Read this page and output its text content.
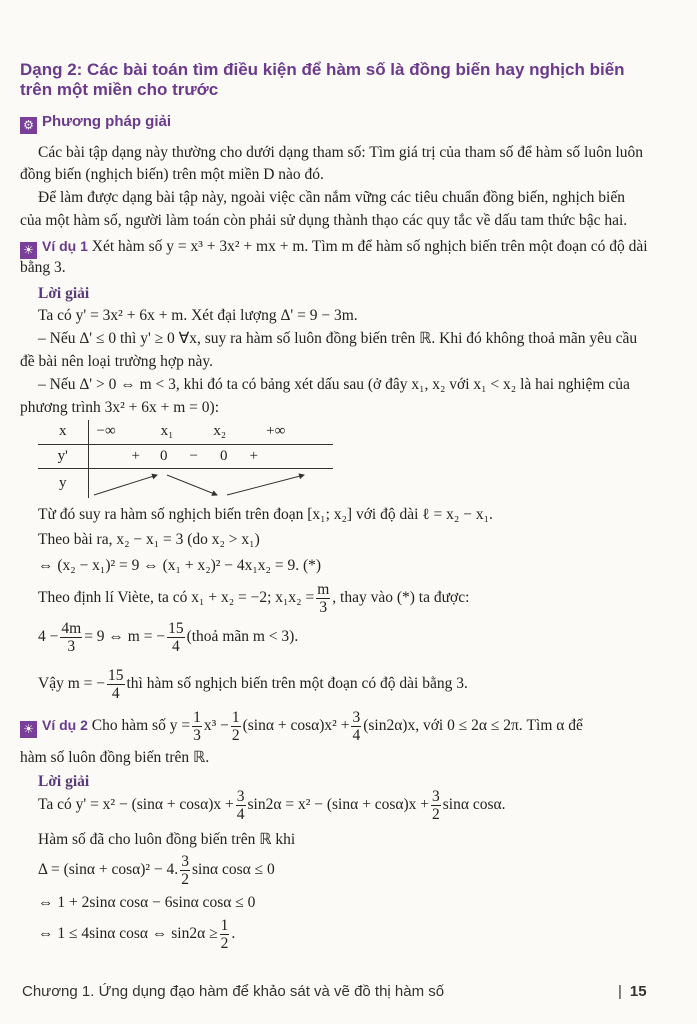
Dạng 2: Các bài toán tìm điều kiện để hàm số là đồng biến hay nghịch biến
trên một miền cho trước
⚙ Phương pháp giải
Các bài tập dạng này thường cho dưới dạng tham số: Tìm giá trị của tham số để hàm số luôn luôn
đồng biến (nghịch biến) trên một miền D nào đó.
Để làm được dạng bài tập này, ngoài việc cần nắm vững các tiêu chuẩn đồng biến, nghịch biến
của một hàm số, người làm toán còn phải sử dụng thành thạo các quy tắc về dấu tam thức bậc hai.
☀ Ví dụ 1 Xét hàm số y = x³ + 3x² + mx + m. Tìm m để hàm số nghịch biến trên một đoạn có độ dài
bằng 3.
Lời giải
Ta có y' = 3x² + 6x + m. Xét đại lượng Δ' = 9 − 3m.
– Nếu Δ' ≤ 0 thì y' ≥ 0 ∀x, suy ra hàm số luôn đồng biến trên ℝ. Khi đó không thoả mãn yêu cầu
đề bài nên loại trường hợp này.
– Nếu Δ' > 0 ⇔ m < 3, khi đó ta có bảng xét dấu sau (ở đây x₁, x₂ với x₁ < x₂ là hai nghiệm của
phương trình 3x² + 6x + m = 0):
x	−∞ x₁ x₂ +∞
y'	+ 0 − 0 +
y	
Từ đó suy ra hàm số nghịch biến trên đoạn [x₁; x₂] với độ dài ℓ = x₂ − x₁.
Theo bài ra, x₂ − x₁ = 3 (do x₂ > x₁)
⇔ (x₂ − x₁)² = 9 ⇔ (x₁ + x₂)² − 4x₁x₂ = 9. (*)
Theo định lí Viète, ta có x₁ + x₂ = −2; $x_1x_2 = \frac{m}{3}$ , thay vào (*) ta được:
$4 - \frac{4m}{3} = 9$ ⇔ m = − $\frac{15}{4}$ (thoả mãn m < 3).
Vậy m = − $\frac{15}{4}$ thì hàm số nghịch biến trên một đoạn có độ dài bằng 3.
☀ Ví dụ 2 Cho hàm số $y = \frac{1}{3} x^3 - \frac{1}{2} (\sin\alpha + \cos\alpha)x^2 + \frac{3}{4} (\sin 2\alpha)x$, với 0 ≤ 2α ≤ 2π. Tìm α để
hàm số luôn đồng biến trên ℝ.
Lời giải
Ta có $y' = x^2 - (\sin\alpha + \cos\alpha)x + \frac{3}{4} \sin 2\alpha = x^2 - (\sin\alpha + \cos\alpha)x + \frac{3}{2}$ sinα cosα.
Hàm số đã cho luôn đồng biến trên ℝ khi
Δ = (sinα + cosα)² − 4. $\frac{3}{2}$ sinα cosα ≤ 0
⇔ 1 + 2sinα cosα − 6sinα cosα ≤ 0
⇔ 1 ≤ 4sinα cosα ⇔ $\sin 2\alpha \ge \frac{1}{2}$ .
Chương 1. Ứng dụng đạo hàm để khảo sát và vẽ đồ thị hàm số	| 15
